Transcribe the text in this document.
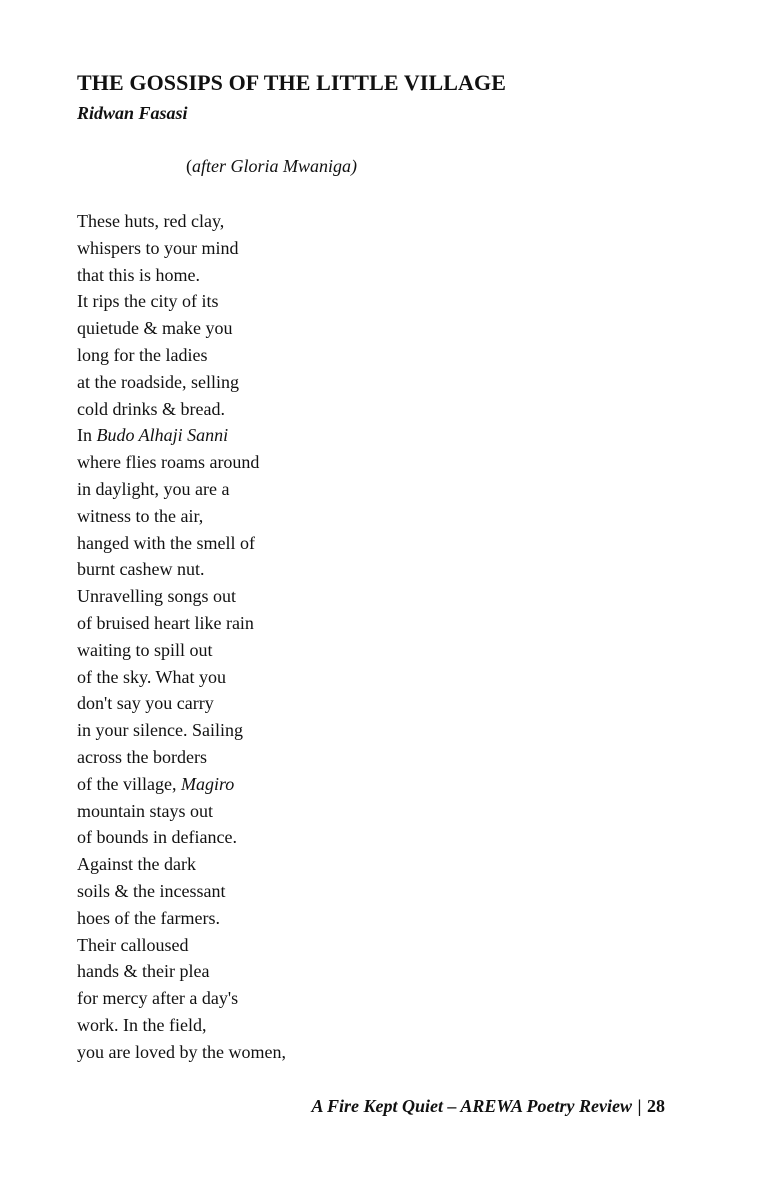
THE GOSSIPS OF THE LITTLE VILLAGE
Ridwan Fasasi
(after Gloria Mwaniga)
These huts, red clay,
whispers to your mind
that this is home.
It rips the city of its
quietude & make you
long for the ladies
at the roadside, selling
cold drinks & bread.
In Budo Alhaji Sanni
where flies roams around
in daylight, you are a
witness to the air,
hanged with the smell of
burnt cashew nut.
Unravelling songs out
of bruised heart like rain
waiting to spill out
of the sky. What you
don't say you carry
in your silence. Sailing
across the borders
of the village, Magiro
mountain stays out
of bounds in defiance.
Against the dark
soils & the incessant
hoes of the farmers.
Their calloused
hands & their plea
for mercy after a day's
work. In the field,
you are loved by the women,
A Fire Kept Quiet – AREWA Poetry Review | 28
